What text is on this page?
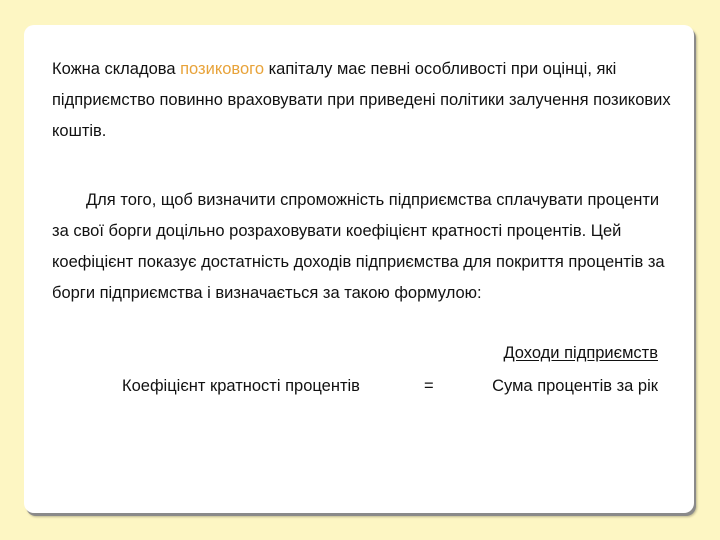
Кожна складова позикового капіталу має певні особливості при оцінці, які підприємство повинно враховувати при приведені політики залучення позикових коштів.

Для того, щоб визначити спроможність підприємства сплачувати проценти за свої борги доцільно розраховувати коефіцієнт кратності процентів. Цей коефіцієнт показує достатність доходів підприємства для покриття процентів за борги підприємства і визначається за такою формулою:

Доходи підприємств
Коефіцієнт кратності процентів	=	Сума процентів за рік
